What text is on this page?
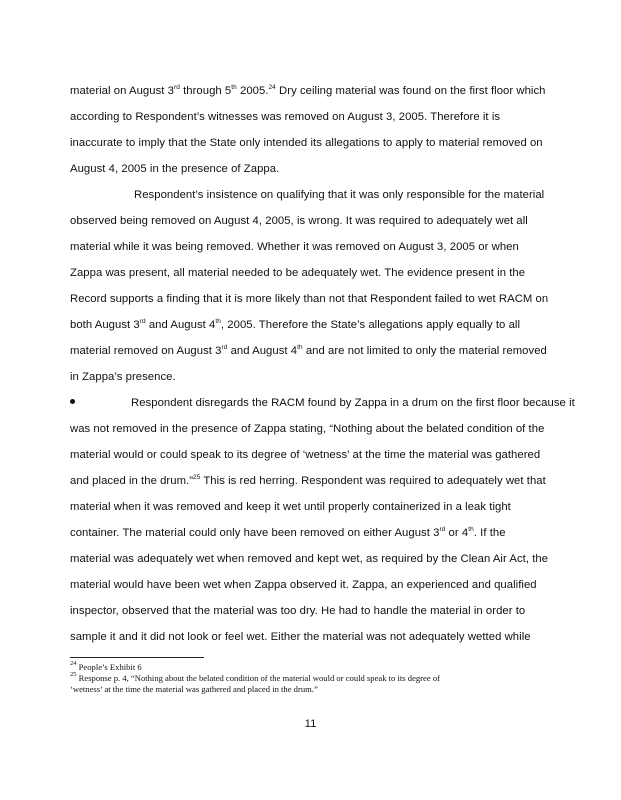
material on August 3rd through 5th 2005.24 Dry ceiling material was found on the first floor which
according to Respondent’s witnesses was removed on August 3, 2005. Therefore it is
inaccurate to imply that the State only intended its allegations to apply to material removed on
August 4, 2005 in the presence of Zappa.
Respondent’s insistence on qualifying that it was only responsible for the material
observed being removed on August 4, 2005, is wrong. It was required to adequately wet all
material while it was being removed. Whether it was removed on August 3, 2005 or when
Zappa was present, all material needed to be adequately wet. The evidence present in the
Record supports a finding that it is more likely than not that Respondent failed to wet RACM on
both August 3rd and August 4th, 2005. Therefore the State’s allegations apply equally to all
material removed on August 3rd and August 4th and are not limited to only the material removed
in Zappa’s presence.
Respondent disregards the RACM found by Zappa in a drum on the first floor because it
was not removed in the presence of Zappa stating, “Nothing about the belated condition of the
material would or could speak to its degree of ‘wetness’ at the time the material was gathered
and placed in the drum.”$^{25}$ This is red herring. Respondent was required to adequately wet that
material when it was removed and keep it wet until properly containerized in a leak tight
container. The material could only have been removed on either August 3rd or 4th. If the
material was adequately wet when removed and kept wet, as required by the Clean Air Act, the
material would have been wet when Zappa observed it. Zappa, an experienced and qualified
inspector, observed that the material was too dry. He had to handle the material in order to
sample it and it did not look or feel wet. Either the material was not adequately wetted while
$^{24}$ People’s Exhibit 6
$^{25}$ Response p. 4, “Nothing about the belated condition of the material would or could speak to its degree of
‘wetness’ at the time the material was gathered and placed in the drum.”
11
